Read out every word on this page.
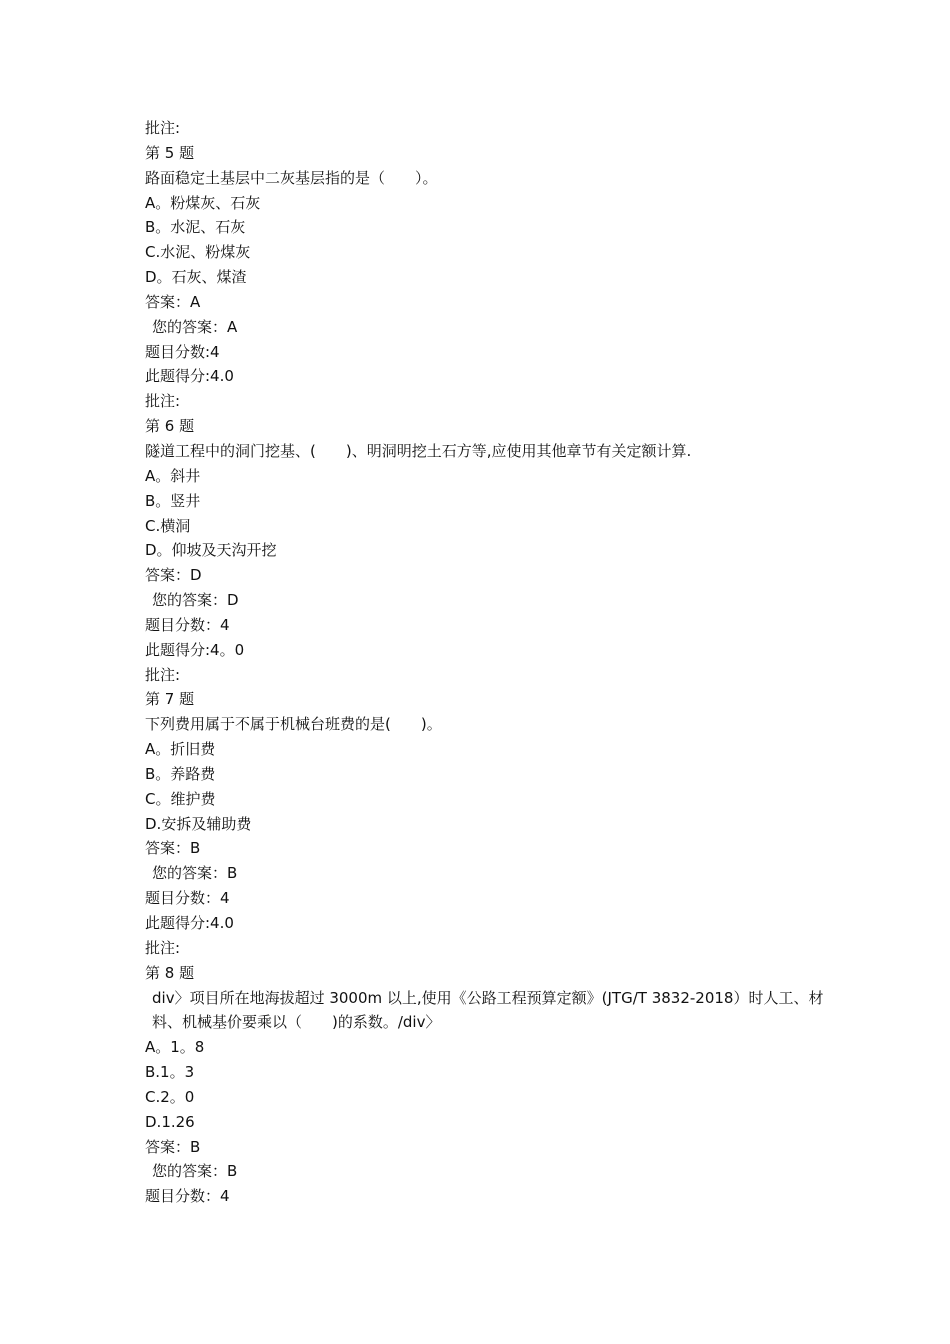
批注:
第 5 题
路面稳定土基层中二灰基层指的是（　　）。
A。粉煤灰、石灰
B。水泥、石灰
C.水泥、粉煤灰
D。石灰、煤渣
答案：A
您的答案：A
题目分数:4
此题得分:4.0
批注:
第 6 题
隧道工程中的洞门挖基、(　　)、明洞明挖土石方等,应使用其他章节有关定额计算.
A。斜井
B。竖井
C.横洞
D。仰坡及天沟开挖
答案：D
您的答案：D
题目分数：4
此题得分:4。0
批注:
第 7 题
下列费用属于不属于机械台班费的是(　　)。
A。折旧费
B。养路费
C。维护费
D.安拆及辅助费
答案：B
您的答案：B
题目分数：4
此题得分:4.0
批注:
第 8 题
div〉项目所在地海拔超过 3000m 以上,使用《公路工程预算定额》(JTG/T 3832-2018）时人工、材料、机械基价要乘以（　　)的系数。/div〉
A。1。8
B.1。3
C.2。0
D.1.26
答案：B
您的答案：B
题目分数：4
